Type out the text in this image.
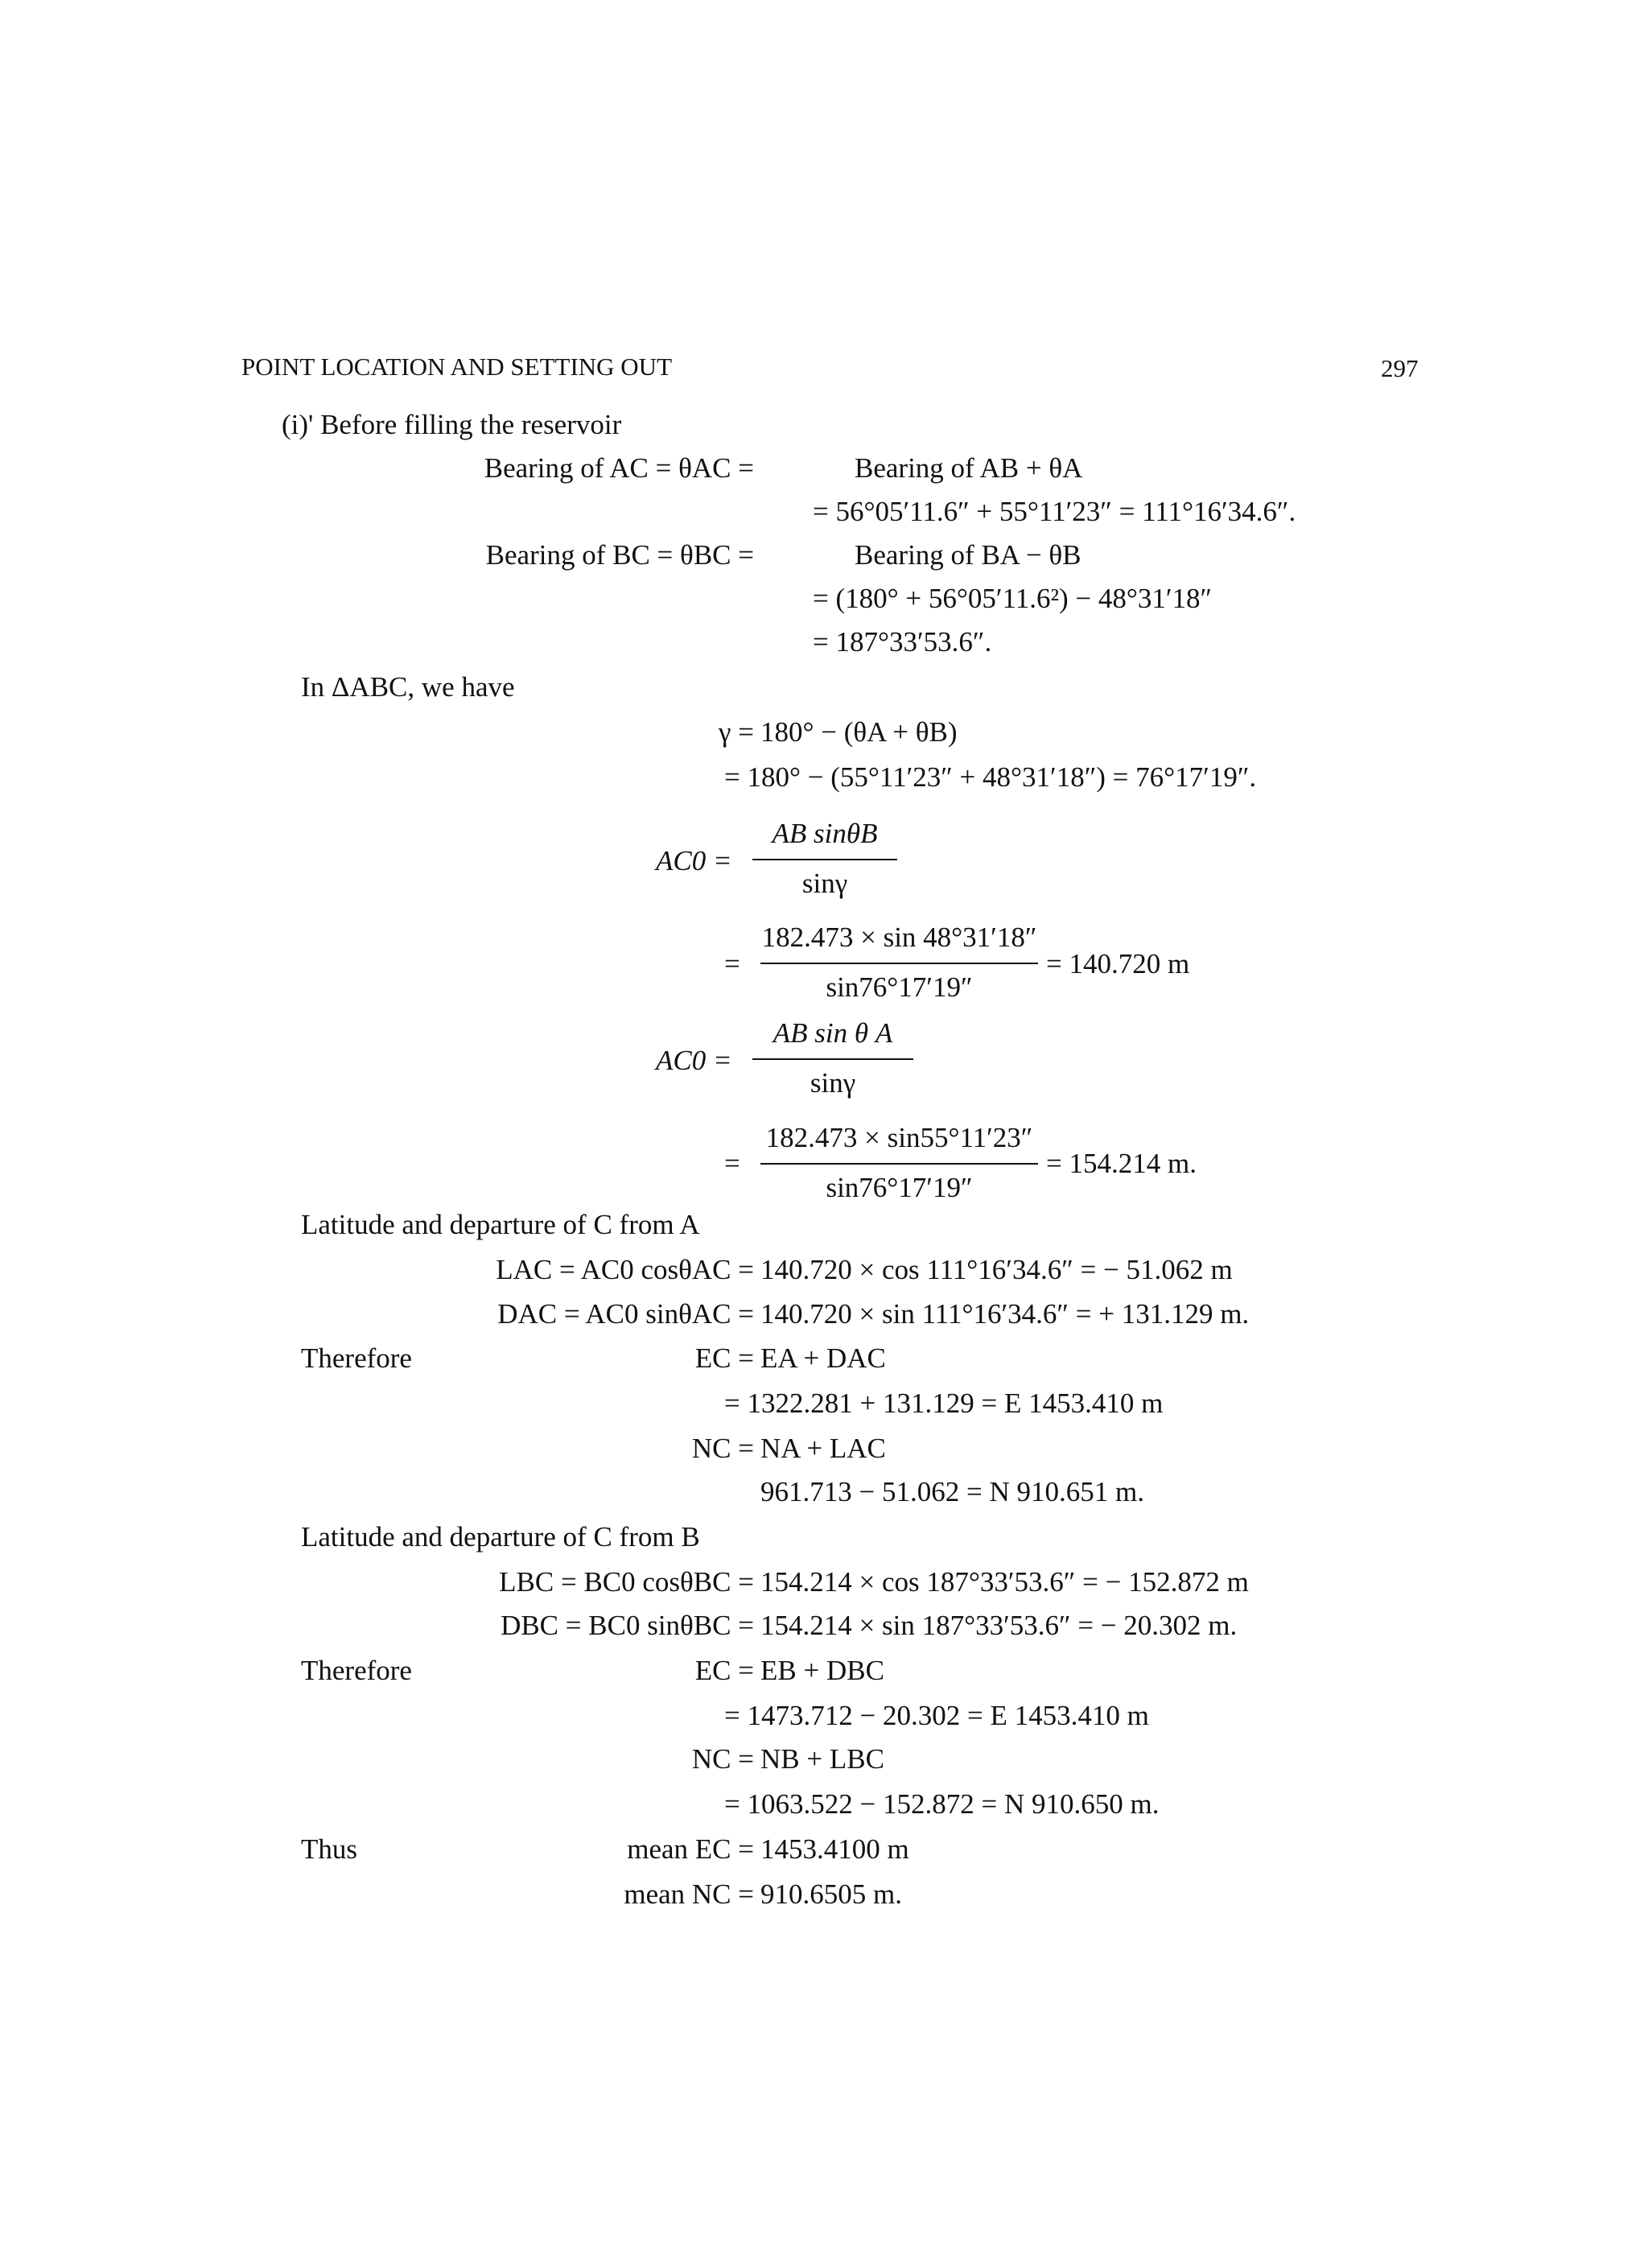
POINT LOCATION AND SETTING OUT	297
(i)' Before filling the reservoir
Bearing of AC = θAC =	Bearing of AB + θA
= 56°05′11.6″ + 55°11′23″ = 111°16′34.6″.
Bearing of BC = θBC =	Bearing of BA − θB
= (180° + 56°05′11.6²) − 48°31′18″
= 187°33′53.6″.
In ΔABC, we have
γ = 180° − (θA + θB)
= 180° − (55°11′23″ + 48°31′18″) = 76°17′19″.
AC0 =
AB sinθB
sinγ
=
182.473 × sin 48°31′18″
sin76°17′19″
= 140.720 m
AC0 =
AB sin θ A
sinγ
=
182.473 × sin55°11′23″
sin76°17′19″
= 154.214 m.
Latitude and departure of C from A
LAC = AC0 cosθAC = 140.720 × cos 111°16′34.6″ = − 51.062 m
DAC = AC0 sinθAC = 140.720 × sin 111°16′34.6″ = + 131.129 m.
Therefore	EC = EA + DAC
= 1322.281 + 131.129 = E 1453.410 m
NC = NA + LAC
961.713 − 51.062 = N 910.651 m.
Latitude and departure of C from B
LBC = BC0 cosθBC = 154.214 × cos 187°33′53.6″ = − 152.872 m
DBC = BC0 sinθBC = 154.214 × sin 187°33′53.6″ = − 20.302 m.
Therefore	EC = EB + DBC
= 1473.712 − 20.302 = E 1453.410 m
NC = NB + LBC
= 1063.522 − 152.872 = N 910.650 m.
Thus	mean EC = 1453.4100 m
mean NC = 910.6505 m.
